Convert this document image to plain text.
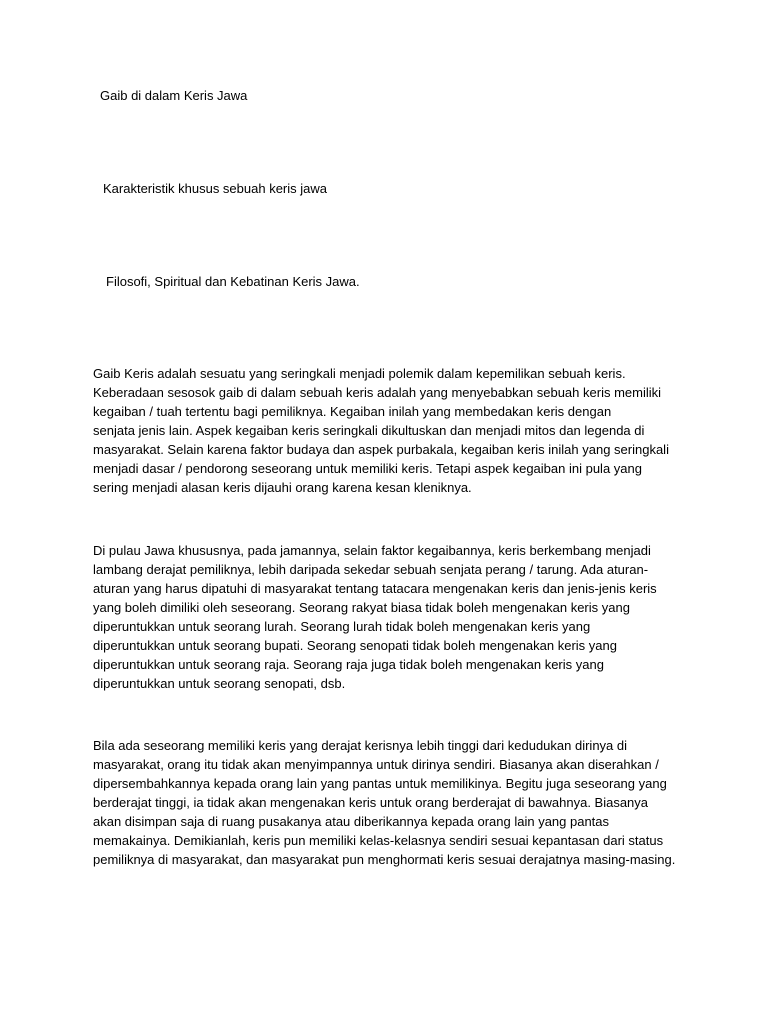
Gaib di dalam Keris Jawa
Karakteristik khusus sebuah keris jawa
Filosofi, Spiritual dan Kebatinan Keris Jawa.

Gaib Keris adalah sesuatu yang seringkali menjadi polemik dalam kepemilikan sebuah keris.
Keberadaan sesosok gaib di dalam sebuah keris adalah yang menyebabkan sebuah keris memiliki
kegaiban / tuah tertentu bagi pemiliknya. Kegaiban inilah yang membedakan keris dengan
senjata jenis lain. Aspek kegaiban keris seringkali dikultuskan dan menjadi mitos dan legenda di
masyarakat. Selain karena faktor budaya dan aspek purbakala, kegaiban keris inilah yang seringkali
menjadi dasar / pendorong seseorang untuk memiliki keris. Tetapi aspek kegaiban ini pula yang
sering menjadi alasan keris dijauhi orang karena kesan kleniknya.

Di pulau Jawa khususnya, pada jamannya, selain faktor kegaibannya, keris berkembang menjadi
lambang derajat pemiliknya, lebih daripada sekedar sebuah senjata perang / tarung. Ada aturan-
aturan yang harus dipatuhi di masyarakat tentang tatacara mengenakan keris dan jenis-jenis keris
yang boleh dimiliki oleh seseorang. Seorang rakyat biasa tidak boleh mengenakan keris yang
diperuntukkan untuk seorang lurah. Seorang lurah tidak boleh mengenakan keris yang
diperuntukkan untuk seorang bupati. Seorang senopati tidak boleh mengenakan keris yang
diperuntukkan untuk seorang raja. Seorang raja juga tidak boleh mengenakan keris yang
diperuntukkan untuk seorang senopati, dsb.

Bila ada seseorang memiliki keris yang derajat kerisnya lebih tinggi dari kedudukan dirinya di
masyarakat, orang itu tidak akan menyimpannya untuk dirinya sendiri. Biasanya akan diserahkan /
dipersembahkannya kepada orang lain yang pantas untuk memilikinya. Begitu juga seseorang yang
berderajat tinggi, ia tidak akan mengenakan keris untuk orang berderajat di bawahnya. Biasanya
akan disimpan saja di ruang pusakanya atau diberikannya kepada orang lain yang pantas
memakainya. Demikianlah, keris pun memiliki kelas-kelasnya sendiri sesuai kepantasan dari status
pemiliknya di masyarakat, dan masyarakat pun menghormati keris sesuai derajatnya masing-masing.
